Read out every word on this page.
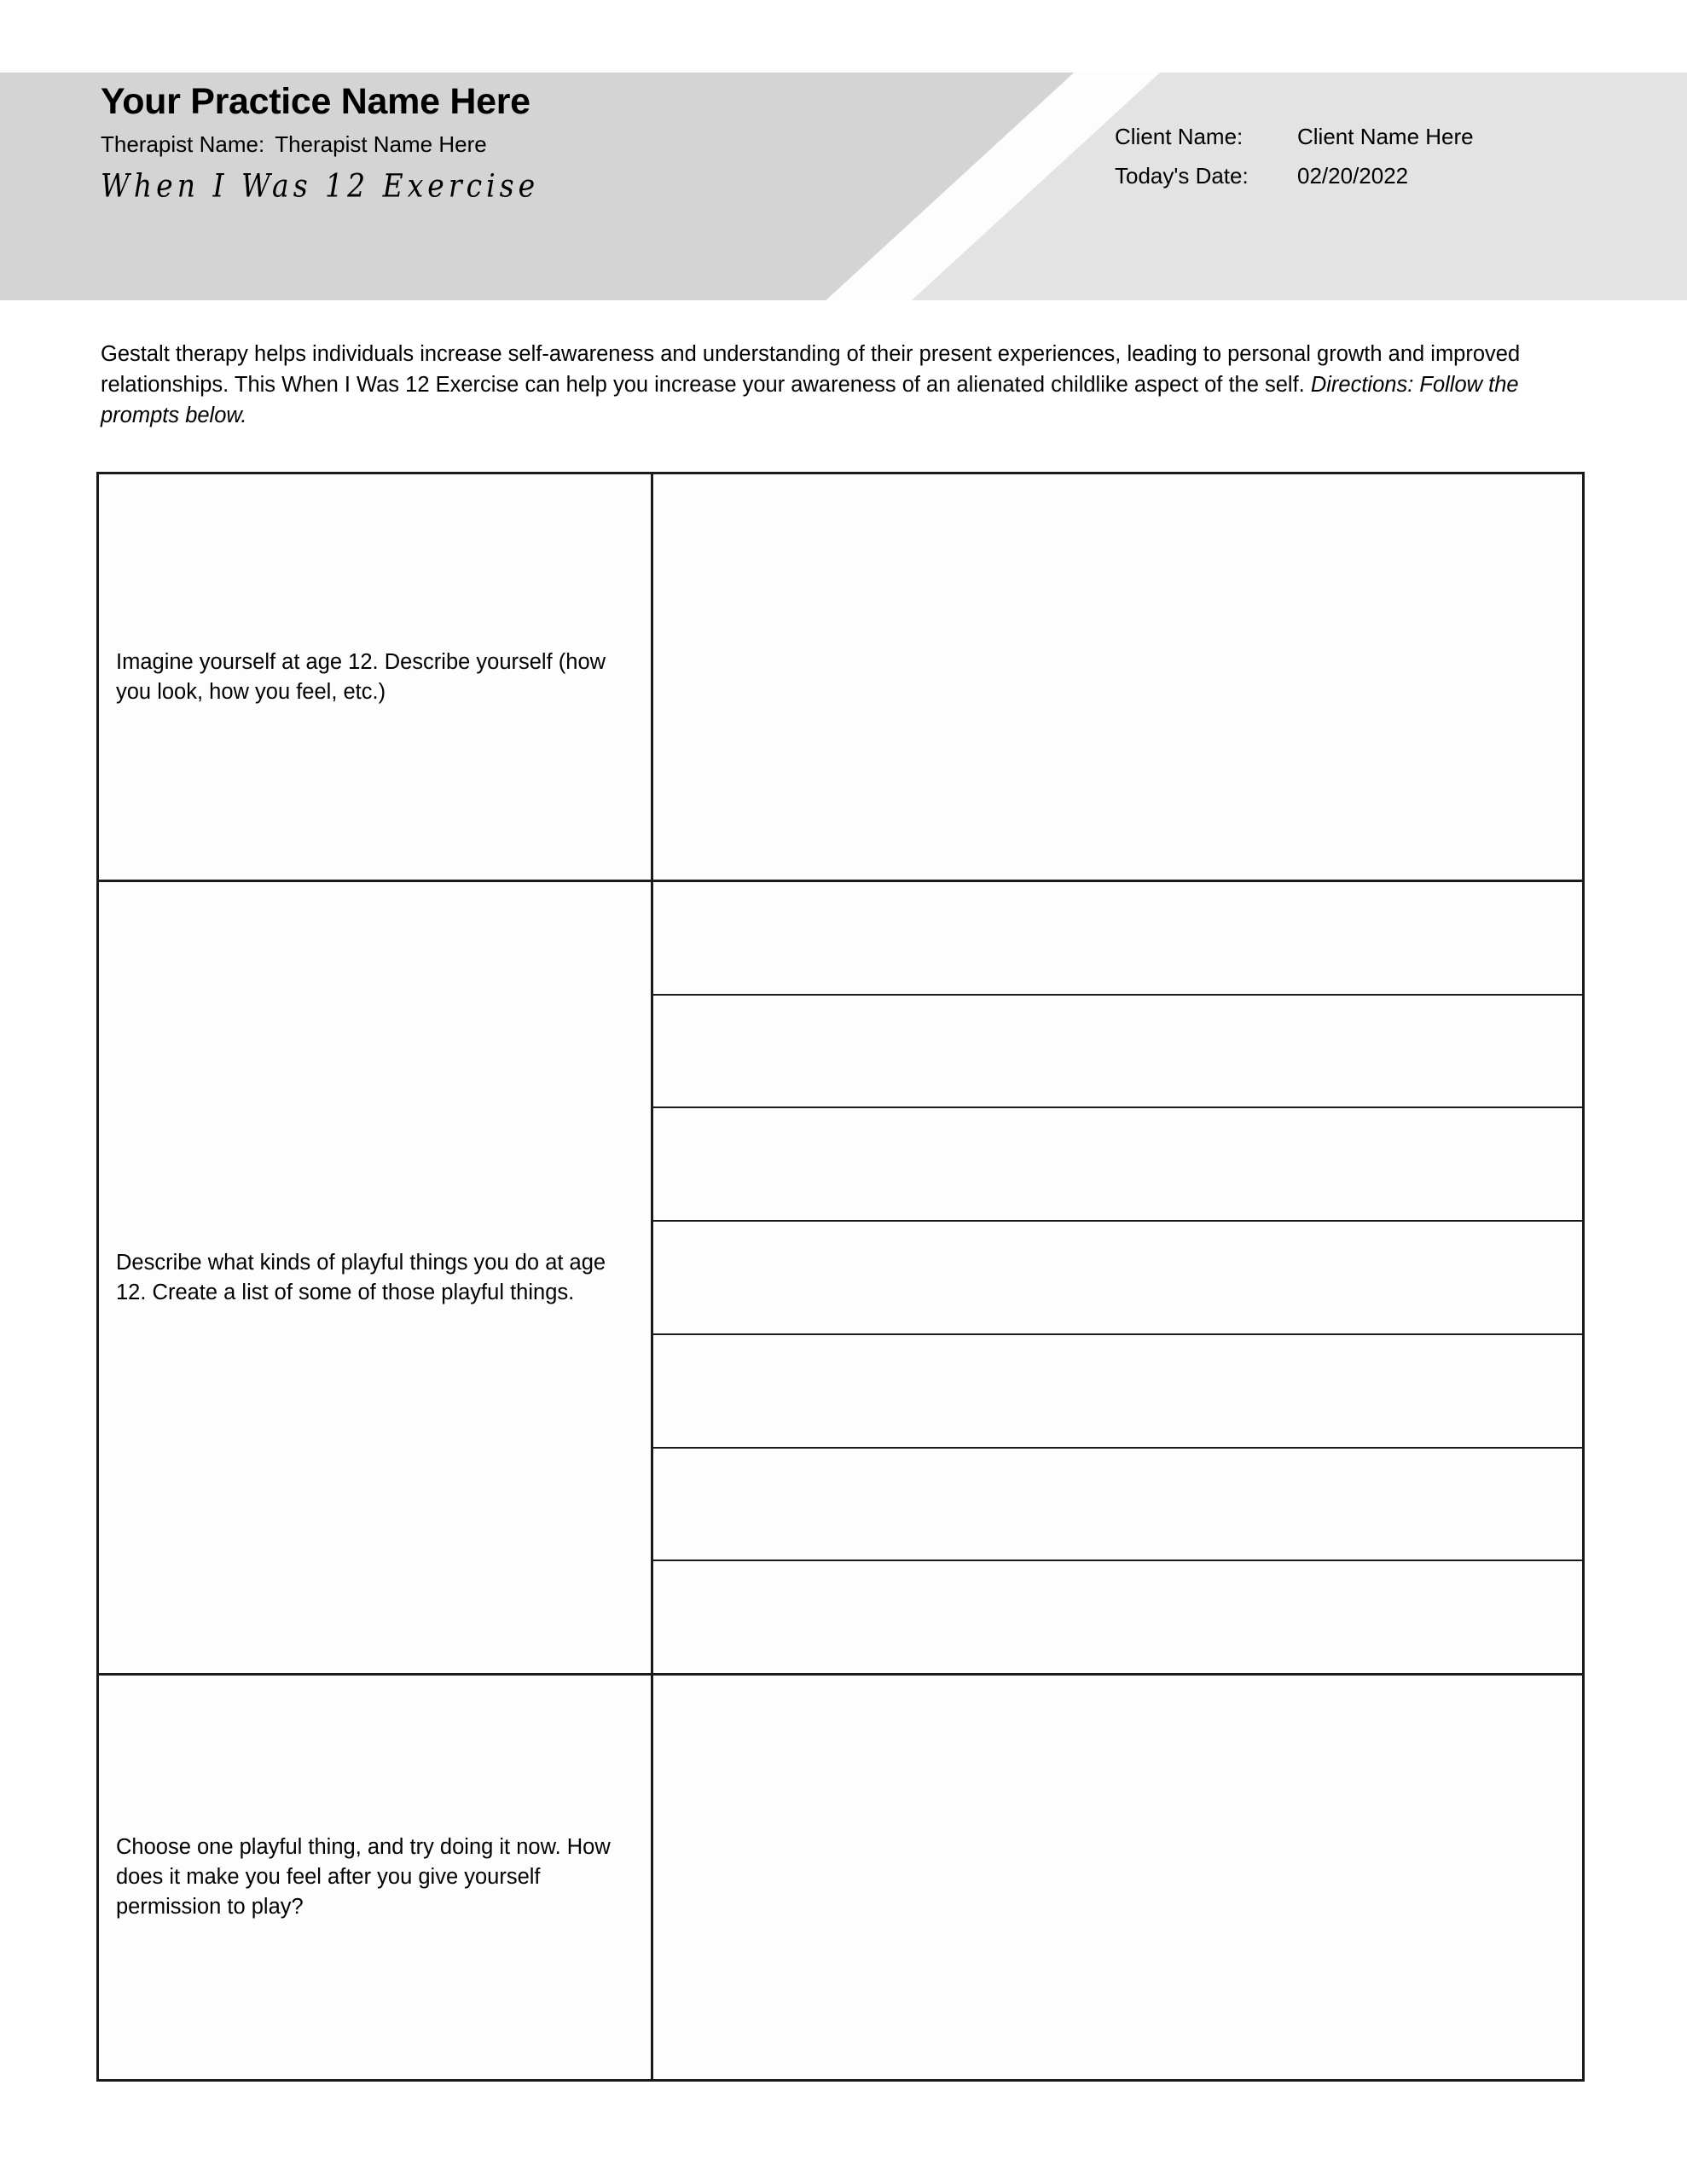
Your Practice Name Here
Therapist Name: Therapist Name Here
When I Was 12 Exercise
Client Name: Client Name Here
Today's Date: 02/20/2022
Gestalt therapy helps individuals increase self-awareness and understanding of their present experiences, leading to personal growth and improved relationships. This When I Was 12 Exercise can help you increase your awareness of an alienated childlike aspect of the self. Directions: Follow the prompts below.
Imagine yourself at age 12. Describe yourself (how you look, how you feel, etc.)
Describe what kinds of playful things you do at age 12. Create a list of some of those playful things.
Choose one playful thing, and try doing it now. How does it make you feel after you give yourself permission to play?
